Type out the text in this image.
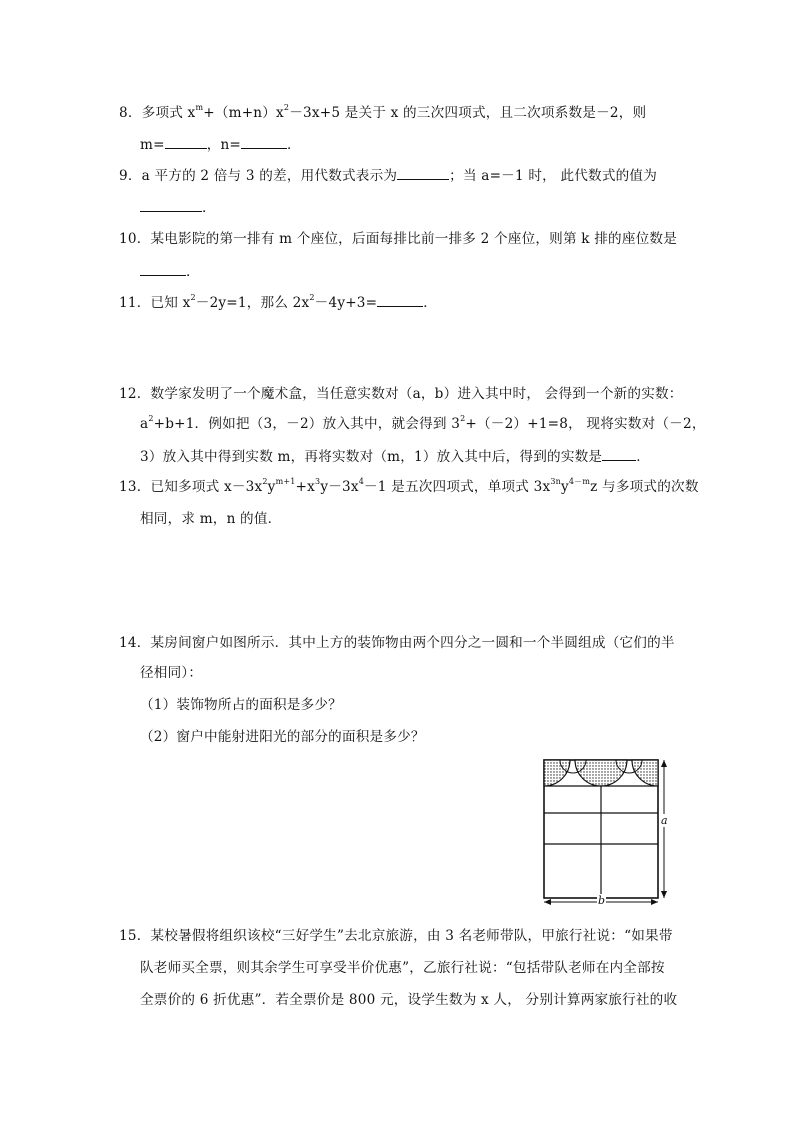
8．多项式 $x^m+(m+n)x^2-3x+5$ 是关于 x 的三次四项式，且二次项系数是－2，则
m=	，n=	．
9．a 平方的 2 倍与 3 的差，用代数式表示为	；当 a=－1 时， 此代数式的值为
．
10．某电影院的第一排有 m 个座位，后面每排比前一排多 2 个座位，则第 k 排的座位数是
．
11．已知 $x^2-2y=1$，那么 $2x^2-4y+3=$	．
12．数学家发明了一个魔术盒，当任意实数对（a，b）进入其中时， 会得到一个新的实数：
$a^2+b+1$．例如把（3，－2）放入其中，就会得到 $3^2+(-2)+1=8$， 现将实数对（－2，
3）放入其中得到实数 m，再将实数对（m，1）放入其中后，得到的实数是	．
13．已知多项式 $x-3x^2y^{m+1}+x^3y-3x^4-1$ 是五次四项式，单项式 $3x^{3n}y^{4-m}z$ 与多项式的次数
相同，求 m，n 的值．
14．某房间窗户如图所示．其中上方的装饰物由两个四分之一圆和一个半圆组成（它们的半
径相同）：
（1）装饰物所占的面积是多少？
（2）窗户中能射进阳光的部分的面积是多少？
a
b
15．某校暑假将组织该校“三好学生”去北京旅游，由 3 名老师带队，甲旅行社说：“如果带
队老师买全票，则其余学生可享受半价优惠”，乙旅行社说：“包括带队老师在内全部按
全票价的 6 折优惠”．若全票价是 800 元，设学生数为 x 人， 分别计算两家旅行社的收
